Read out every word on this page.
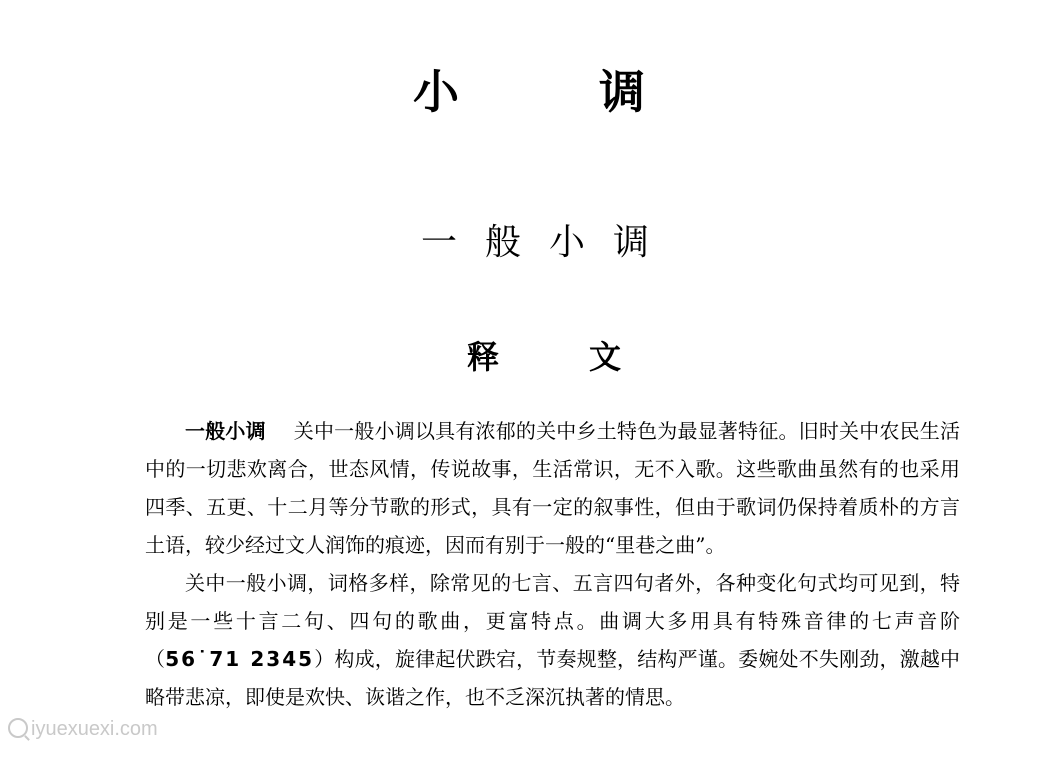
小	调
一般小调
释	文

一般小调 关中一般小调以具有浓郁的关中乡土特色为最显著特征。旧时关中农民生活中的一切悲欢离合，世态风情，传说故事，生活常识，无不入歌。这些歌曲虽然有的也采用四季、五更、十二月等分节歌的形式，具有一定的叙事性，但由于歌词仍保持着质朴的方言土语，较少经过文人润饰的痕迹，因而有别于一般的“里巷之曲”。

关中一般小调，词格多样，除常见的七言、五言四句者外，各种变化句式均可见到，特别是一些十言二句、四句的歌曲，更富特点。曲调大多用具有特殊音律的七声音阶（56˙71 2345）构成，旋律起伏跌宕，节奏规整，结构严谨。委婉处不失刚劲，激越中略带悲凉，即使是欢快、诙谐之作，也不乏深沉执著的情思。

iyuexuexi.com
